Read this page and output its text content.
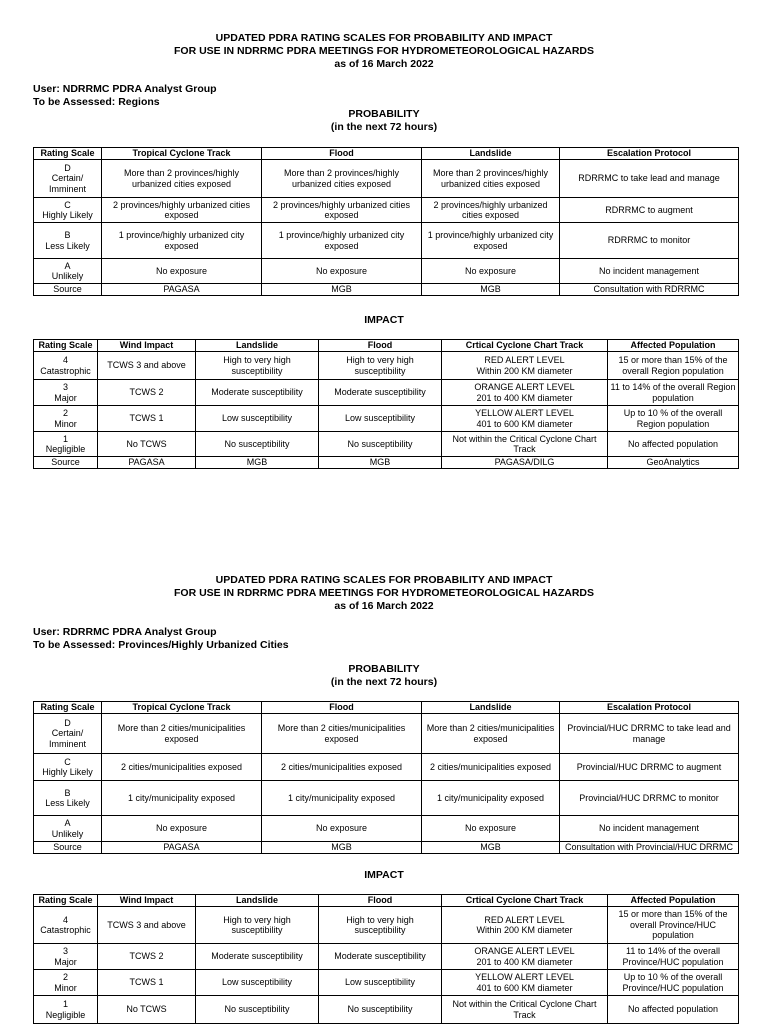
UPDATED PDRA RATING SCALES FOR PROBABILITY AND IMPACT
FOR USE IN NDRRMC PDRA MEETINGS FOR HYDROMETEOROLOGICAL HAZARDS
as of 16 March 2022
User: NDRRMC PDRA Analyst Group
To be Assessed: Regions
PROBABILITY
(in the next 72 hours)
Rating Scale	Tropical Cyclone Track	Flood	Landslide	Escalation Protocol
D
Certain/
Imminent	More than 2 provinces/highly urbanized cities exposed	More than 2 provinces/highly urbanized cities exposed	More than 2 provinces/highly urbanized cities exposed	RDRRMC to take lead and manage
C
Highly Likely	2 provinces/highly urbanized cities exposed	2 provinces/highly urbanized cities exposed	2 provinces/highly urbanized cities exposed	RDRRMC to augment
B
Less Likely	1 province/highly urbanized city exposed	1 province/highly urbanized city exposed	1 province/highly urbanized city exposed	RDRRMC to monitor
A
Unlikely	No exposure	No exposure	No exposure	No incident management
Source	PAGASA	MGB	MGB	Consultation with RDRRMC
IMPACT
Rating Scale	Wind Impact	Landslide	Flood	Crtical Cyclone Chart Track	Affected Population
4
Catastrophic	TCWS 3 and above	High to very high susceptibility	High to very high susceptibility	RED ALERT LEVEL
Within 200 KM diameter	15 or more than 15% of the overall Region population
3
Major	TCWS 2	Moderate susceptibility	Moderate susceptibility	ORANGE ALERT LEVEL
201 to 400 KM diameter	11 to 14% of the overall Region population
2
Minor	TCWS 1	Low susceptibility	Low susceptibility	YELLOW ALERT LEVEL
401 to 600 KM diameter	Up to 10 % of the overall Region population
1
Negligible	No TCWS	No susceptibility	No susceptibility	Not within the Critical Cyclone Chart Track	No affected population
Source	PAGASA	MGB	MGB	PAGASA/DILG	GeoAnalytics
UPDATED PDRA RATING SCALES FOR PROBABILITY AND IMPACT
FOR USE IN RDRRMC PDRA MEETINGS FOR HYDROMETEOROLOGICAL HAZARDS
as of 16 March 2022
User: RDRRMC PDRA Analyst Group
To be Assessed: Provinces/Highly Urbanized Cities
PROBABILITY
(in the next 72 hours)
Rating Scale	Tropical Cyclone Track	Flood	Landslide	Escalation Protocol
D
Certain/
Imminent	More than 2 cities/municipalities exposed	More than 2 cities/municipalities exposed	More than 2 cities/municipalities exposed	Provincial/HUC DRRMC to take lead and manage
C
Highly Likely	2 cities/municipalities exposed	2 cities/municipalities exposed	2 cities/municipalities exposed	Provincial/HUC DRRMC to augment
B
Less Likely	1 city/municipality exposed	1 city/municipality exposed	1 city/municipality exposed	Provincial/HUC DRRMC to monitor
A
Unlikely	No exposure	No exposure	No exposure	No incident management
Source	PAGASA	MGB	MGB	Consultation with Provincial/HUC DRRMC
IMPACT
Rating Scale	Wind Impact	Landslide	Flood	Crtical Cyclone Chart Track	Affected Population
4
Catastrophic	TCWS 3 and above	High to very high susceptibility	High to very high susceptibility	RED ALERT LEVEL
Within 200 KM diameter	15 or more than 15% of the overall Province/HUC population
3
Major	TCWS 2	Moderate susceptibility	Moderate susceptibility	ORANGE ALERT LEVEL
201 to 400 KM diameter	11 to 14% of the overall Province/HUC population
2
Minor	TCWS 1	Low susceptibility	Low susceptibility	YELLOW ALERT LEVEL
401 to 600 KM diameter	Up to 10 % of the overall Province/HUC population
1
Negligible	No TCWS	No susceptibility	No susceptibility	Not within the Critical Cyclone Chart Track	No affected population
